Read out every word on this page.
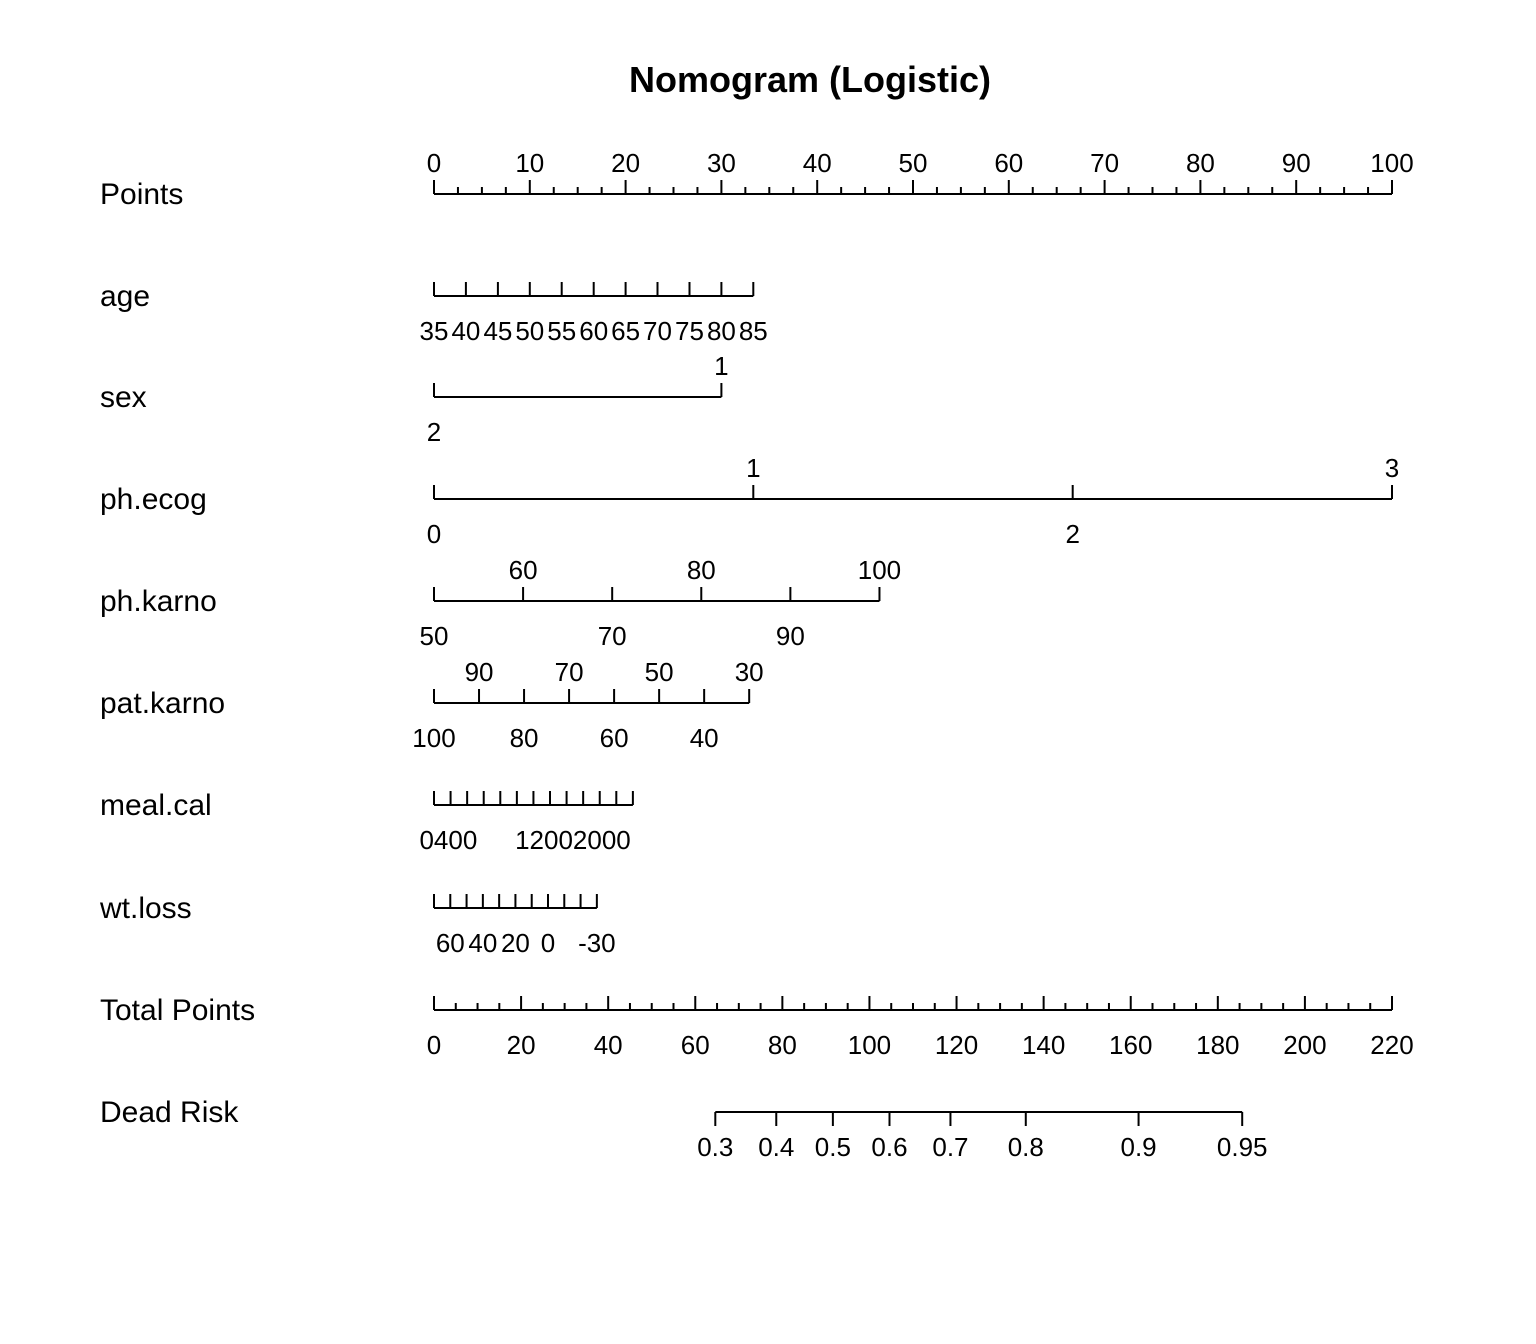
Nomogram (Logistic)
Points
0	10	20	30	40	50	60	70	80	90 100
age
35 40 45 50 55 60 65 70 75 80 85
sex
1
2
ph.ecog
1	3
0	2
ph.karno
60	80	100
50	70	90
pat.karno
90 70 50 30
100 80 60 40
meal.cal
0400 12002000
wt.loss
60 40 20 0 -30
Total Points
0	20 40 60 80 100 120 140 160 180 200 220
Dead Risk
0.3 0.4 0.5 0.6 0.7 0.8	0.9 0.95
